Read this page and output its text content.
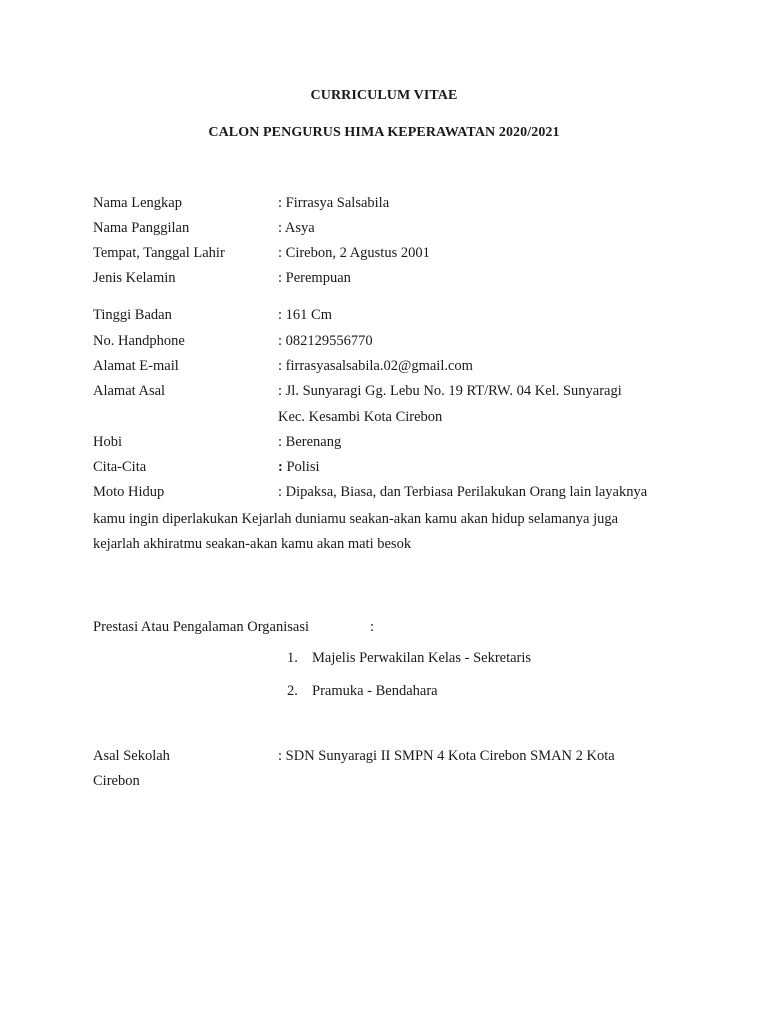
CURRICULUM VITAE
CALON PENGURUS HIMA KEPERAWATAN 2020/2021
Nama Lengkap	: Firrasya Salsabila
Nama Panggilan	: Asya
Tempat, Tanggal Lahir	: Cirebon, 2 Agustus 2001
Jenis Kelamin	: Perempuan
Tinggi Badan	: 161 Cm
No. Handphone	: 082129556770
Alamat E-mail	: firrasyasalsabila.02@gmail.com
Alamat Asal	: Jl. Sunyaragi Gg. Lebu No. 19 RT/RW. 04 Kel. Sunyaragi
Kec. Kesambi Kota Cirebon
Hobi	: Berenang
Cita-Cita	: Polisi
Moto Hidup	: Dipaksa, Biasa, dan Terbiasa Perilakukan Orang lain layaknya
kamu ingin diperlakukan Kejarlah duniamu seakan-akan kamu akan hidup selamanya juga
kejarlah akhiratmu seakan-akan kamu akan mati besok
Prestasi Atau Pengalaman Organisasi	:
1. Majelis Perwakilan Kelas - Sekretaris
2. Pramuka - Bendahara
Asal Sekolah	: SDN Sunyaragi II SMPN 4 Kota Cirebon SMAN 2 Kota
Cirebon
